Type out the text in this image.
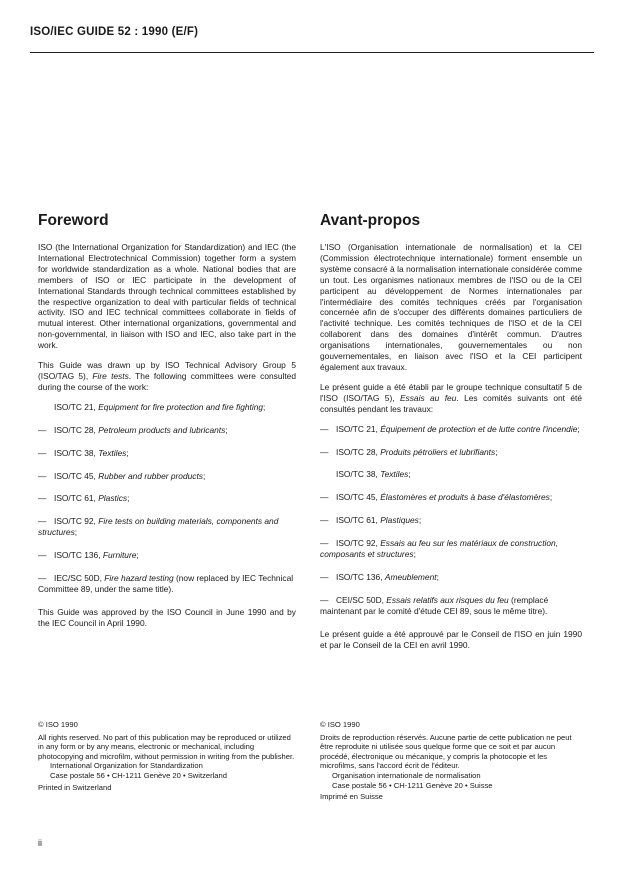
ISO/IEC GUIDE 52 : 1990 (E/F)
Foreword

ISO (the International Organization for Standardization) and IEC (the International Electrotechnical Commission) together form a system for worldwide standardization as a whole. National bodies that are members of ISO or IEC participate in the development of International Standards through technical committees established by the respective organization to deal with particular fields of technical activity. ISO and IEC technical committees collaborate in fields of mutual interest. Other international organizations, governmental and non-governmental, in liaison with ISO and IEC, also take part in the work.

This Guide was drawn up by ISO Technical Advisory Group 5 (ISO/TAG 5), Fire tests. The following committees were consulted during the course of the work:

ISO/TC 21, Equipment for fire protection and fire fighting;
— ISO/TC 28, Petroleum products and lubricants;
— ISO/TC 38, Textiles;
— ISO/TC 45, Rubber and rubber products;
— ISO/TC 61, Plastics;
— ISO/TC 92, Fire tests on building materials, components and structures;
— ISO/TC 136, Furniture;
— IEC/SC 50D, Fire hazard testing (now replaced by IEC Technical Committee 89, under the same title).

This Guide was approved by the ISO Council in June 1990 and by the IEC Council in April 1990.

Avant-propos

L'ISO (Organisation internationale de normalisation) et la CEI (Commission électrotechnique internationale) forment ensemble un système consacré à la normalisation internationale considérée comme un tout. Les organismes nationaux membres de l'ISO ou de la CEI participent au développement de Normes internationales par l'intermédiaire des comités techniques créés par l'organisation concernée afin de s'occuper des différents domaines particuliers de l'activité technique. Les comités techniques de l'ISO et de la CEI collaborent dans des domaines d'intérêt commun. D'autres organisations internationales, gouvernementales ou non gouvernementales, en liaison avec l'ISO et la CEI participent également aux travaux.

Le présent guide a été établi par le groupe technique consultatif 5 de l'ISO (ISO/TAG 5), Essais au feu. Les comités suivants ont été consultés pendant les travaux:

— ISO/TC 21, Équipement de protection et de lutte contre l'incendie;
— ISO/TC 28, Produits pétroliers et lubrifiants;
ISO/TC 38, Textiles;
— ISO/TC 45, Élastomères et produits à base d'élastomères;
— ISO/TC 61, Plastiques;
— ISO/TC 92, Essais au feu sur les matériaux de construction, composants et structures;
— ISO/TC 136, Ameublement;
— CEI/SC 50D, Essais relatifs aux risques du feu (remplacé maintenant par le comité d'étude CEI 89, sous le même titre).

Le présent guide a été approuvé par le Conseil de l'ISO en juin 1990 et par le Conseil de la CEI en avril 1990.

© ISO 1990

All rights reserved. No part of this publication may be reproduced or utilized in any form or by any means, electronic or mechanical, including photocopying and microfilm, without permission in writing from the publisher.

International Organization for Standardization

Case postale 56 • CH-1211 Genève 20 • Switzerland

Printed in Switzerland

© ISO 1990

Droits de reproduction réservés. Aucune partie de cette publication ne peut être reproduite ni utilisée sous quelque forme que ce soit et par aucun procédé, électronique ou mécanique, y compris la photocopie et les microfilms, sans l'accord écrit de l'éditeur.

Organisation internationale de normalisation

Case postale 56 • CH-1211 Genève 20 • Suisse

Imprimé en Suisse

ii
